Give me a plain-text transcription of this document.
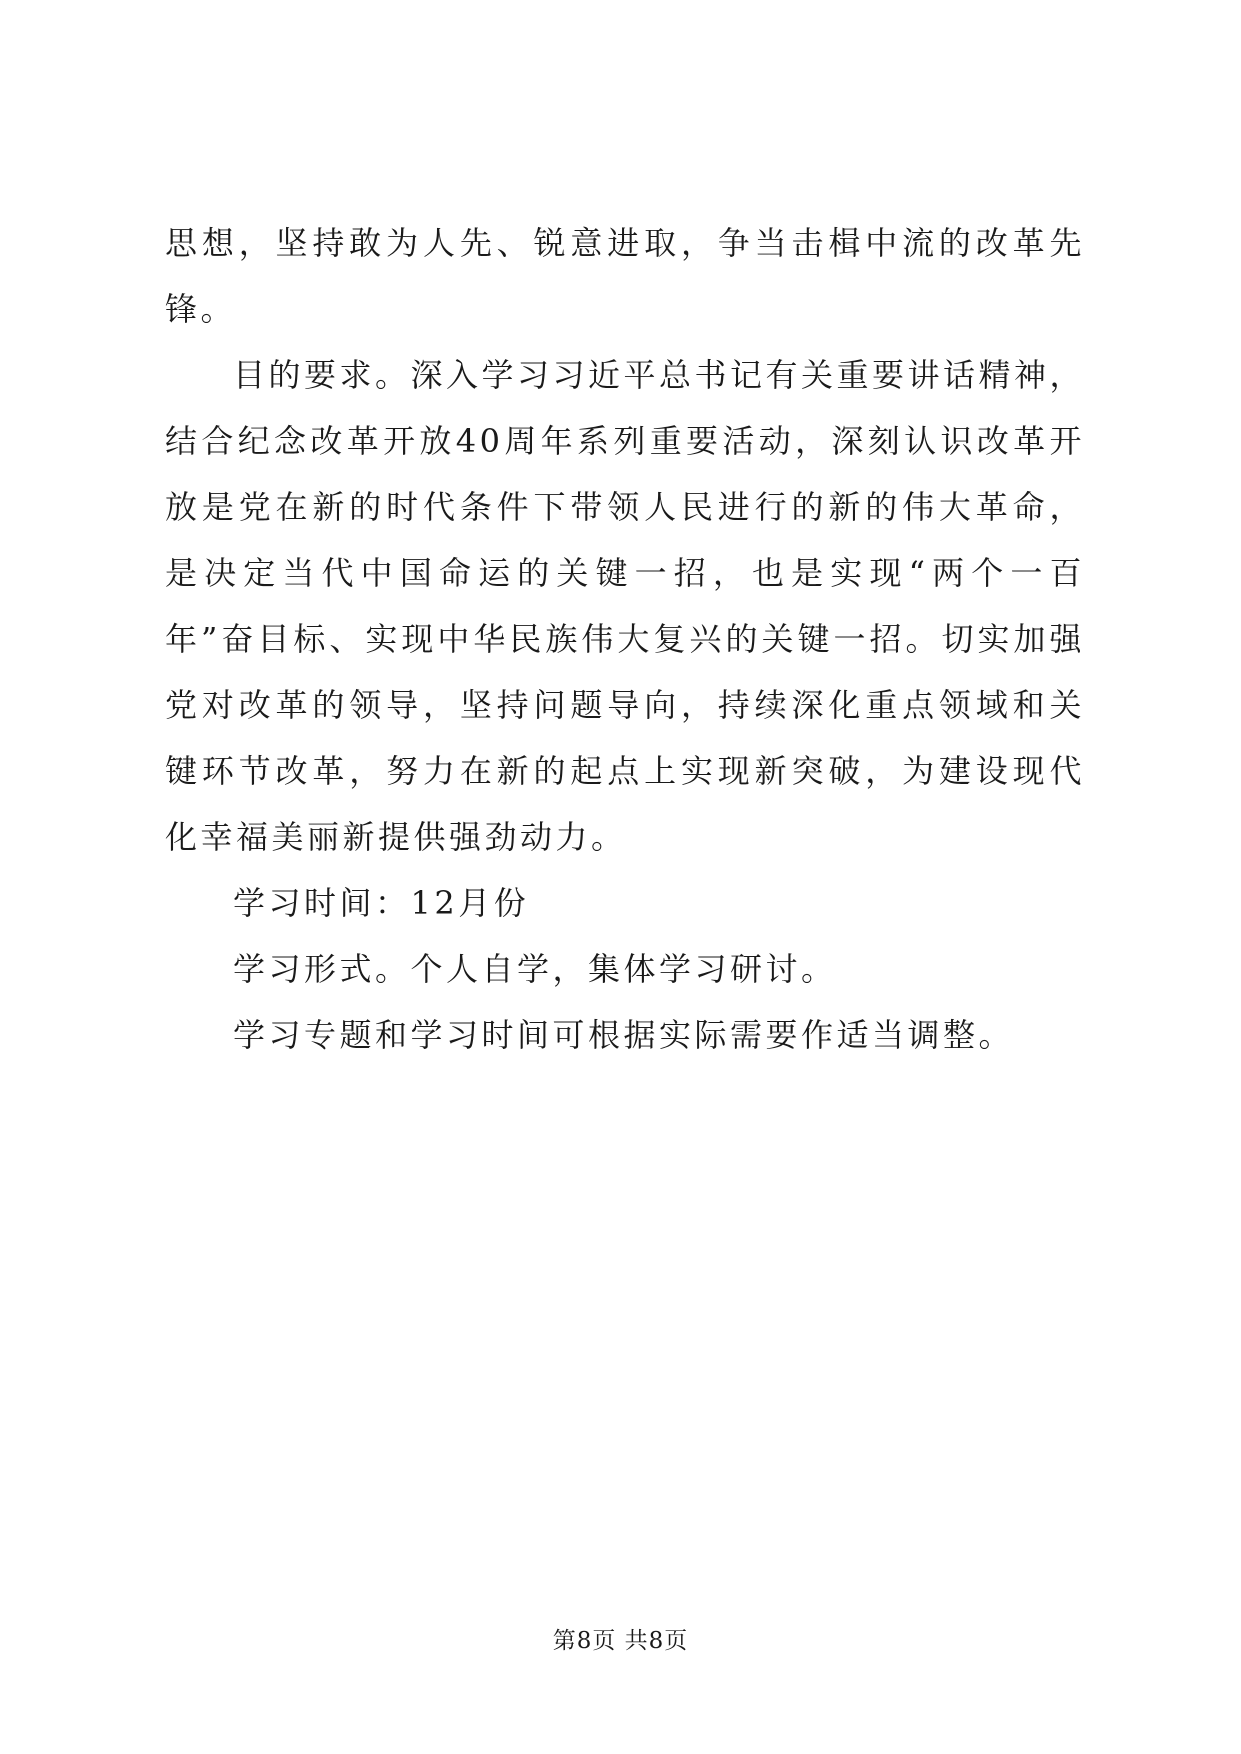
思想，坚持敢为人先、锐意进取，争当击楫中流的改革先锋。

目的要求。深入学习习近平总书记有关重要讲话精神，结合纪念改革开放40周年系列重要活动，深刻认识改革开放是党在新的时代条件下带领人民进行的新的伟大革命，是决定当代中国命运的关键一招，也是实现“两个一百年”奋目标、实现中华民族伟大复兴的关键一招。切实加强党对改革的领导，坚持问题导向，持续深化重点领域和关键环节改革，努力在新的起点上实现新突破，为建设现代化幸福美丽新提供强劲动力。

学习时间：12月份

学习形式。个人自学，集体学习研讨。

学习专题和学习时间可根据实际需要作适当调整。

第8页 共8页
